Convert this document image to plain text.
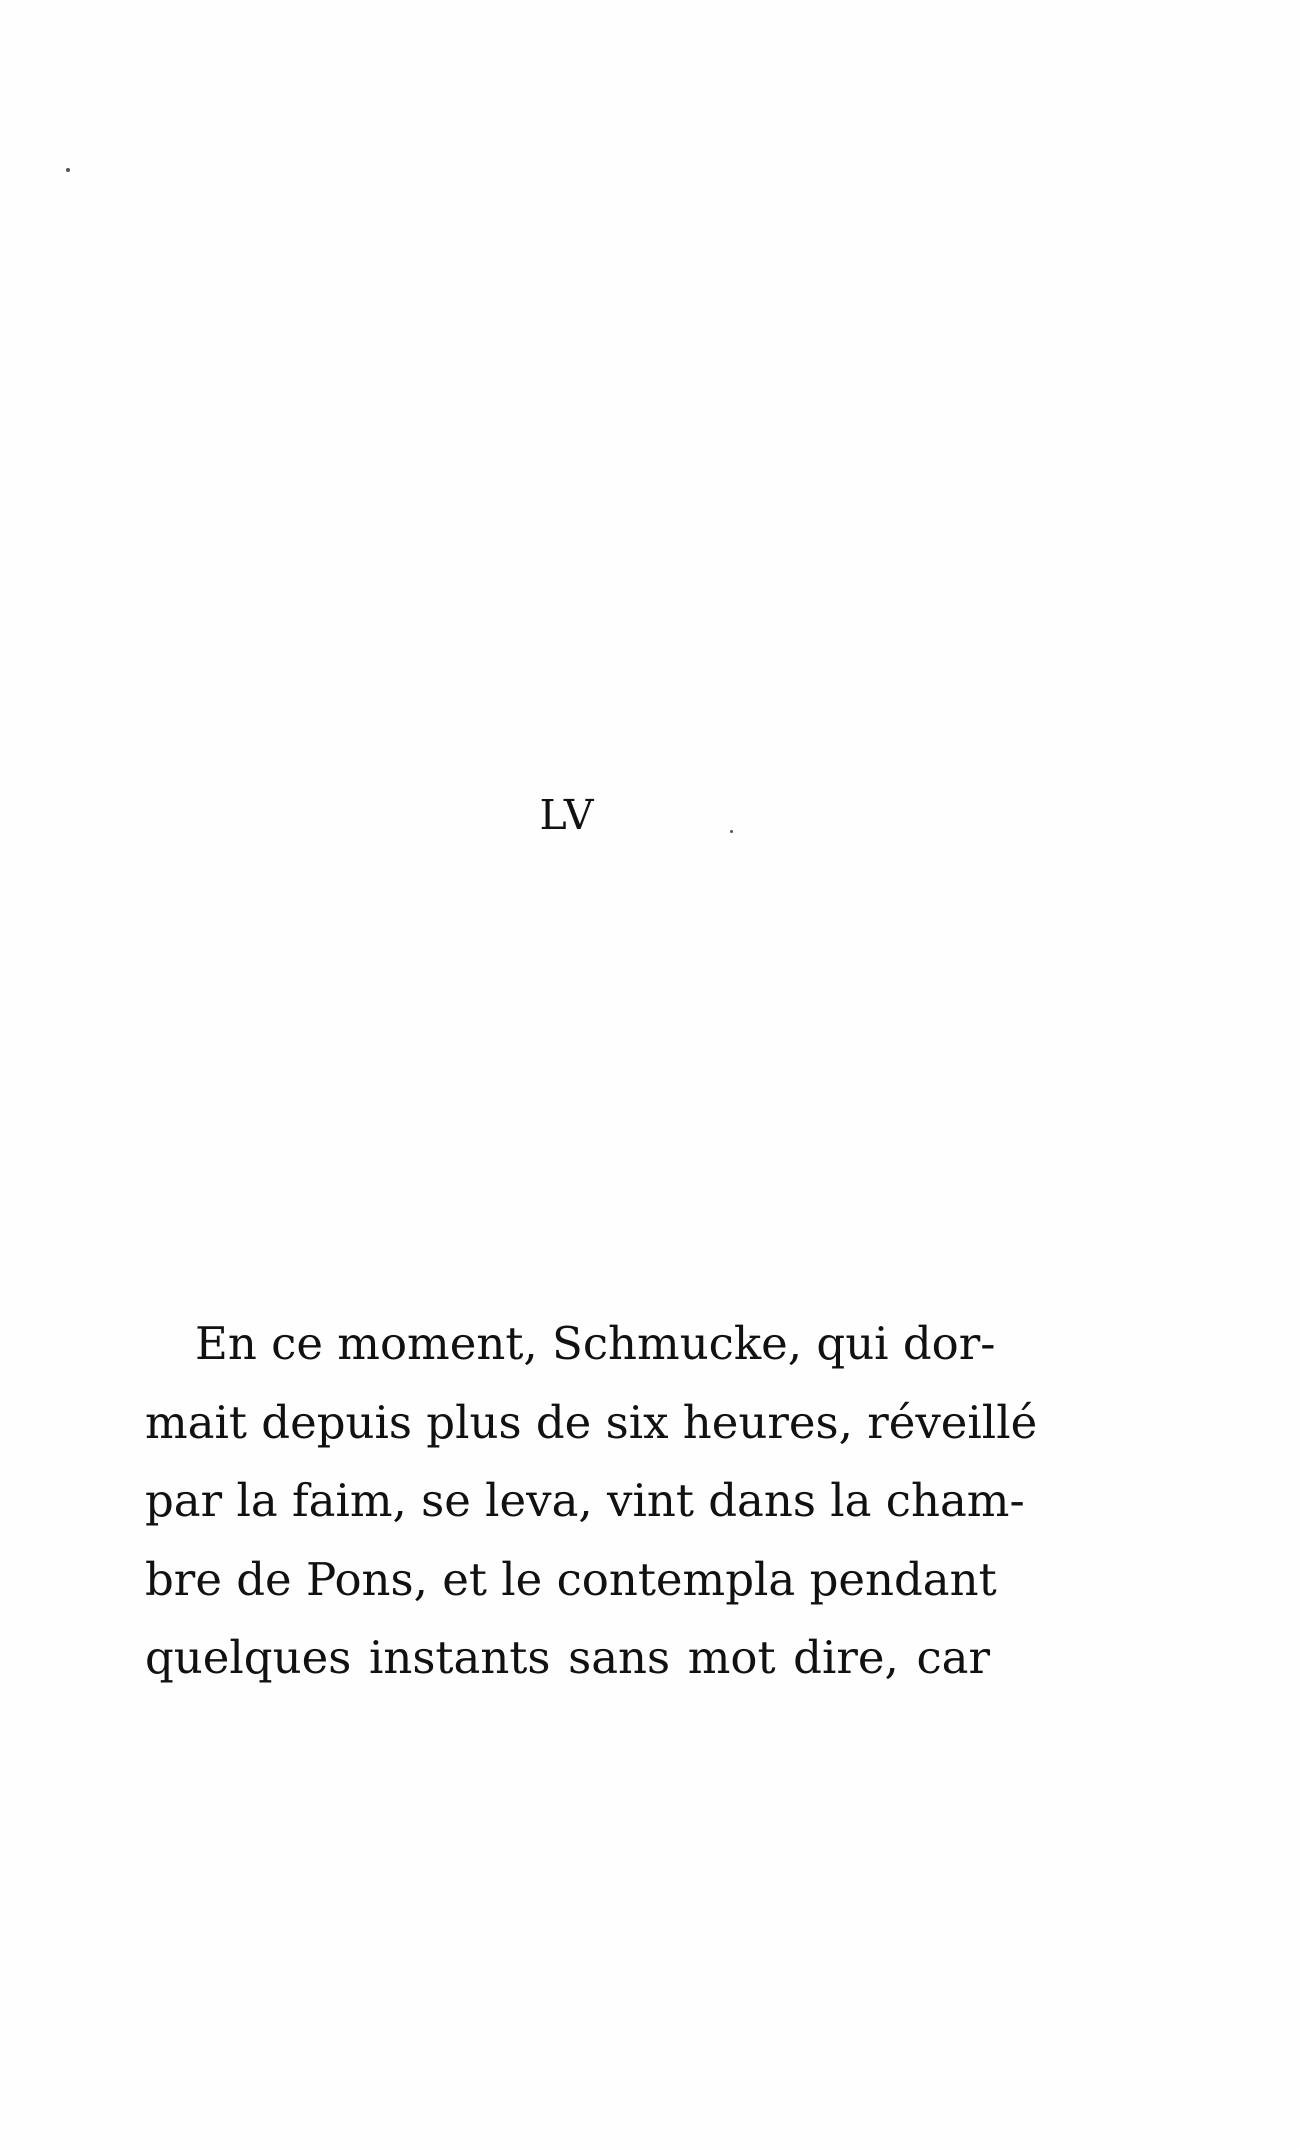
LV
En ce moment, Schmucke, qui dor-
mait depuis plus de six heures, réveillé
par la faim, se leva, vint dans la cham-
bre de Pons, et le contempla pendant
quelques instants sans mot dire, car
